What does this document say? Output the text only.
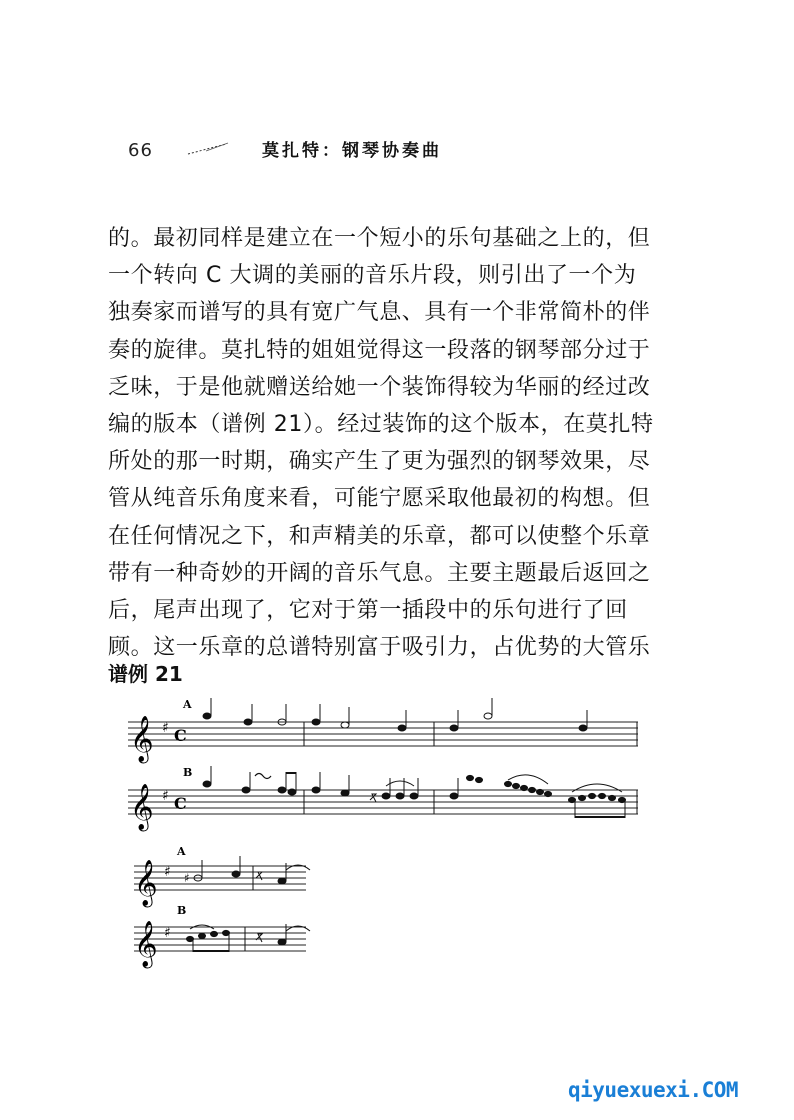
66	莫扎特：钢琴协奏曲
的。最初同样是建立在一个短小的乐句基础之上的，但
一个转向 C 大调的美丽的音乐片段，则引出了一个为
独奏家而谱写的具有宽广气息、具有一个非常简朴的伴
奏的旋律。莫扎特的姐姐觉得这一段落的钢琴部分过于
乏味，于是他就赠送给她一个装饰得较为华丽的经过改
编的版本（谱例 21）。经过装饰的这个版本，在莫扎特
所处的那一时期，确实产生了更为强烈的钢琴效果，尽
管从纯音乐角度来看，可能宁愿采取他最初的构想。但
在任何情况之下，和声精美的乐章，都可以使整个乐章
带有一种奇妙的开阔的音乐气息。主要主题最后返回之
后，尾声出现了，它对于第一插段中的乐句进行了回
顾。这一乐章的总谱特别富于吸引力，占优势的大管乐
谱例 21
A
𝄞 ♯ C
B
𝄞 ♯ C
A
𝄞 ♯ ♯
B
𝄞 ♯
qiyuexuexi.COM
